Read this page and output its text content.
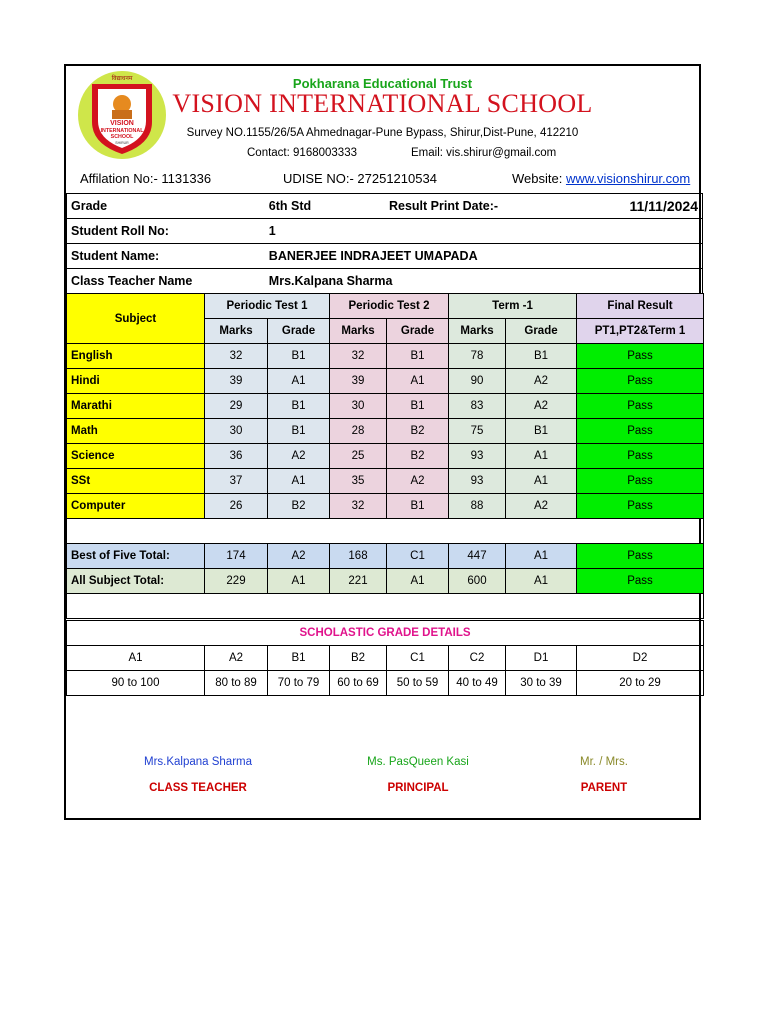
विद्याधनम
VISION
INTERNATIONAL
SCHOOL
SHIRUR
Pokharana Educational Trust
VISION INTERNATIONAL SCHOOL
Survey NO.1155/26/5A Ahmednagar-Pune Bypass, Shirur,Dist-Pune, 412210
Contact: 9168003333	Email: vis.shirur@gmail.com
Affilation No:- 1131336	UDISE NO:- 27251210534	Website: www.visionshirur.com
Grade	6th Std	Result Print Date:-	11/11/2024
Student Roll No:	1		
Student Name:	BANERJEE INDRAJEET UMAPADA		
Class Teacher Name	Mrs.Kalpana Sharma		
Subject	Periodic Test 1		Periodic Test 2		Term -1		Final Result
	Marks	Grade	Marks	Grade	Marks	Grade	PT1,PT2&Term 1
English	32	B1	32	B1	78	B1	Pass
Hindi	39	A1	39	A1	90	A2	Pass
Marathi	29	B1	30	B1	83	A2	Pass
Math	30	B1	28	B2	75	B1	Pass
Science	36	A2	25	B2	93	A1	Pass
SSt	37	A1	35	A2	93	A1	Pass
Computer	26	B2	32	B1	88	A2	Pass

Best of Five Total:	174	A2	168	C1	447	A1	Pass
All Subject Total:	229	A1	221	A1	600	A1	Pass

SCHOLASTIC GRADE DETAILS							
A1	A2	B1	B2	C1	C2	D1	D2
90 to 100	80 to 89	70 to 79	60 to 69	50 to 59	40 to 49	30 to 39	20 to 29
Mrs.Kalpana Sharma
CLASS TEACHER
Ms. PasQueen Kasi
PRINCIPAL
Mr. / Mrs.
PARENT
